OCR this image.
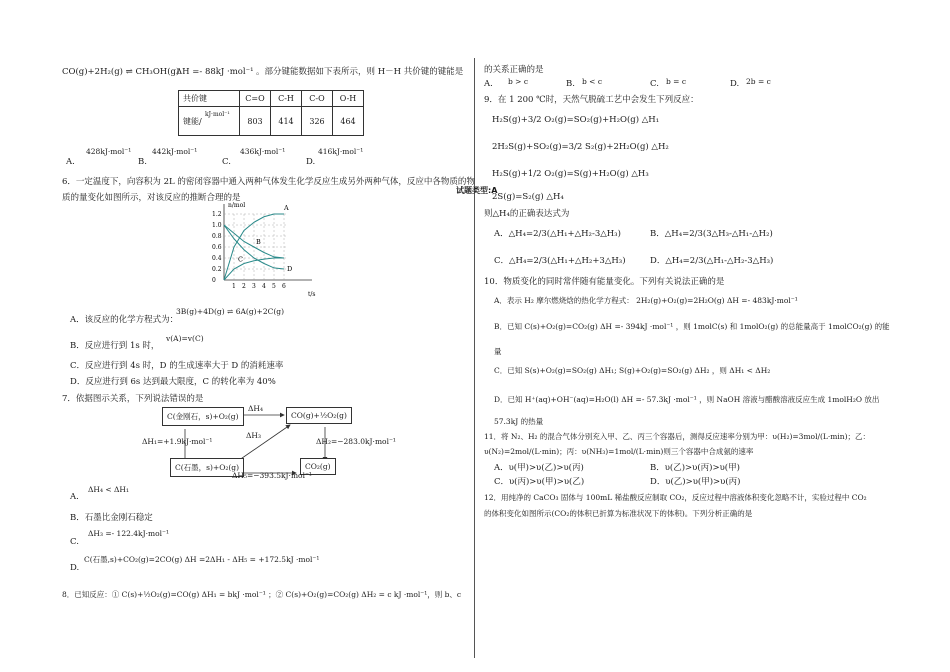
试题类型:A
CO(g)+2H₂(g) ⇌ CH₃OH(g)
ΔH =- 88kJ ·mol⁻¹ 。部分键能数据如下表所示，则 H－H 共价键的键能是
共价键	C=O	C-H	C-O	O-H
键能/
kJ·mol⁻¹	803	414	326	464
A.
428kJ·mol⁻¹
B.
442kJ·mol⁻¹
C.
436kJ·mol⁻¹
D.
416kJ·mol⁻¹
6．一定温度下，向容积为 2L 的密闭容器中通入两种气体发生化学反应生成另外两种气体，反应中各物质的物
质的量变化如图所示，对该反应的推断合理的是
n/mol
t/s
1.2
1.0
0.8
0.6
0.4
0.2
0
1 2 3 4 5 6
A
B
C
D
A．该反应的化学方程式为：
3B(g)+4D(g) ⇌ 6A(g)+2C(g)
B．反应进行到 1s 时，
v(A)=v(C)
C．反应进行到 4s 时，D 的生成速率大于 D 的消耗速率
D．反应进行到 6s 达到最大限度，C 的转化率为 40%
7．依据图示关系，下列说法错误的是
C(金刚石，s)+O₂(g)	CO(g)+½O₂(g)
C(石墨，s)+O₂(g)	CO₂(g)
ΔH₄
ΔH₁=+1.9kJ·mol⁻¹
ΔH₃
ΔH₂=−283.0kJ·mol⁻¹
ΔH₅=−393.5kJ·mol⁻¹
A.
ΔH₄ < ΔH₁
B．石墨比金刚石稳定
C.
ΔH₃ =- 122.4kJ·mol⁻¹
D.
C(石墨,s)+CO₂(g)=2CO(g) ΔH =2ΔH₁ - ΔH₅ = +172.5kJ ·mol⁻¹
8．已知反应：① C(s)+½O₂(g)=CO(g) ΔH₁ = bkJ ·mol⁻¹ ；② C(s)+O₂(g)=CO₂(g) ΔH₂ = c kJ ·mol⁻¹，则 b、c
的关系正确的是
A. b > c	B. b < c	C. b = c	D. 2b = c
9．在 1 200 ℃时，天然气脱硫工艺中会发生下列反应：
H₂S(g)+3/2 O₂(g)=SO₂(g)+H₂O(g) △H₁
2H₂S(g)+SO₂(g)=3/2 S₂(g)+2H₂O(g) △H₂
H₂S(g)+1/2 O₂(g)=S(g)+H₂O(g) △H₃
2S(g)=S₂(g) △H₄
则△H₄的正确表达式为
A．△H₄=2/3(△H₁+△H₂-3△H₃)	B．△H₄=2/3(3△H₃-△H₁-△H₂)
C．△H₄=2/3(△H₁+△H₂+3△H₃)	D．△H₄=2/3(△H₁-△H₂-3△H₃)
10．物质变化的同时常伴随有能量变化。下列有关说法正确的是
A．表示 H₂ 摩尔燃烧焓的热化学方程式： 2H₂(g)+O₂(g)=2H₂O(g) ΔH =- 483kJ·mol⁻¹
B．已知 C(s)+O₂(g)=CO₂(g) ΔH =- 394kJ ·mol⁻¹ ，则 1molC(s) 和 1molO₂(g) 的总能量高于 1molCO₂(g) 的能
量
C．已知 S(s)+O₂(g)=SO₂(g) ΔH₁; S(g)+O₂(g)=SO₂(g) ΔH₂ ，则 ΔH₁ < ΔH₂
D．已知 H⁺(aq)+OH⁻(aq)=H₂O(l) ΔH =- 57.3kJ ·mol⁻¹ ，则 NaOH 溶液与醋酸溶液反应生成 1molH₂O 放出
57.3kJ 的热量
11．将 N₂、H₂ 的混合气体分别充入甲、乙、丙三个容器后，测得反应速率分别为甲：υ(H₂)=3mol/(L·min)；乙：
υ(N₂)=2mol/(L·min)；丙：υ(NH₃)=1mol/(L·min)则三个容器中合成氨的速率
A．υ(甲)>υ(乙)>υ(丙)	B．υ(乙)>υ(丙)>υ(甲)
C．υ(丙)>υ(甲)>υ(乙)	D．υ(乙)>υ(甲)>υ(丙)
12．用纯净的 CaCO₃ 固体与 100mL 稀盐酸反应制取 CO₂，反应过程中溶液体积变化忽略不计，实验过程中 CO₂
的体积变化如图所示(CO₂的体积已折算为标准状况下的体积)。下列分析正确的是
